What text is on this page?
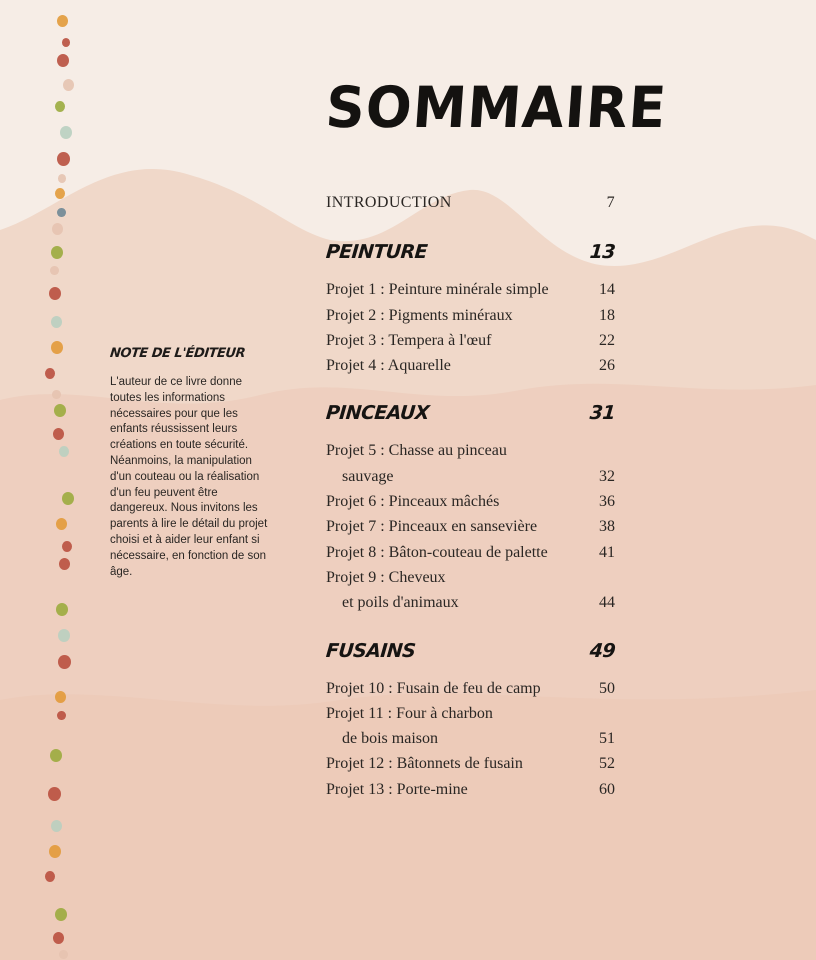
NOTE DE L'ÉDITEUR

L'auteur de ce livre donne toutes les informations nécessaires pour que les enfants réussissent leurs créations en toute sécurité. Néanmoins, la manipulation d'un couteau ou la réalisation d'un feu peuvent être dangereux. Nous invitons les parents à lire le détail du projet choisi et à aider leur enfant si nécessaire, en fonction de son âge.

SOMMAIRE
INTRODUCTION	7
PEINTURE	13
Projet 1 : Peinture minérale simple	14
Projet 2 : Pigments minéraux	18
Projet 3 : Tempera à l'œuf	22
Projet 4 : Aquarelle	26
PINCEAUX	31
Projet 5 : Chasse au pinceau
sauvage	32
Projet 6 : Pinceaux mâchés	36
Projet 7 : Pinceaux en sansevière	38
Projet 8 : Bâton-couteau de palette	41
Projet 9 : Cheveux
et poils d'animaux	44
FUSAINS	49
Projet 10 : Fusain de feu de camp	50
Projet 11 : Four à charbon
de bois maison	51
Projet 12 : Bâtonnets de fusain	52
Projet 13 : Porte-mine	60
